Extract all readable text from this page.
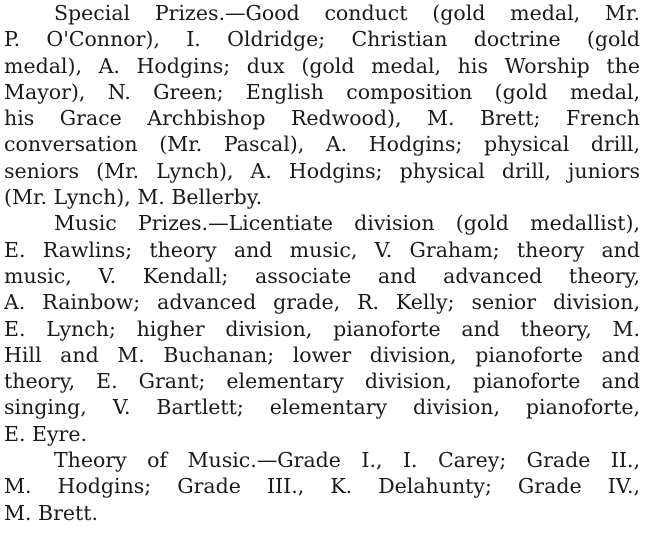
Special Prizes.—Good conduct (gold medal, Mr.
P. O'Connor), I. Oldridge; Christian doctrine (gold
medal), A. Hodgins; dux (gold medal, his Worship the
Mayor), N. Green; English composition (gold medal,
his Grace Archbishop Redwood), M. Brett; French
conversation (Mr. Pascal), A. Hodgins; physical drill,
seniors (Mr. Lynch), A. Hodgins; physical drill, juniors
(Mr. Lynch), M. Bellerby.
Music Prizes.—Licentiate division (gold medallist),
E. Rawlins; theory and music, V. Graham; theory and
music, V. Kendall; associate and advanced theory,
A. Rainbow; advanced grade, R. Kelly; senior division,
E. Lynch; higher division, pianoforte and theory, M.
Hill and M. Buchanan; lower division, pianoforte and
theory, E. Grant; elementary division, pianoforte and
singing, V. Bartlett; elementary division, pianoforte,
E. Eyre.
Theory of Music.—Grade I., I. Carey; Grade II.,
M. Hodgins; Grade III., K. Delahunty; Grade IV.,
M. Brett.
